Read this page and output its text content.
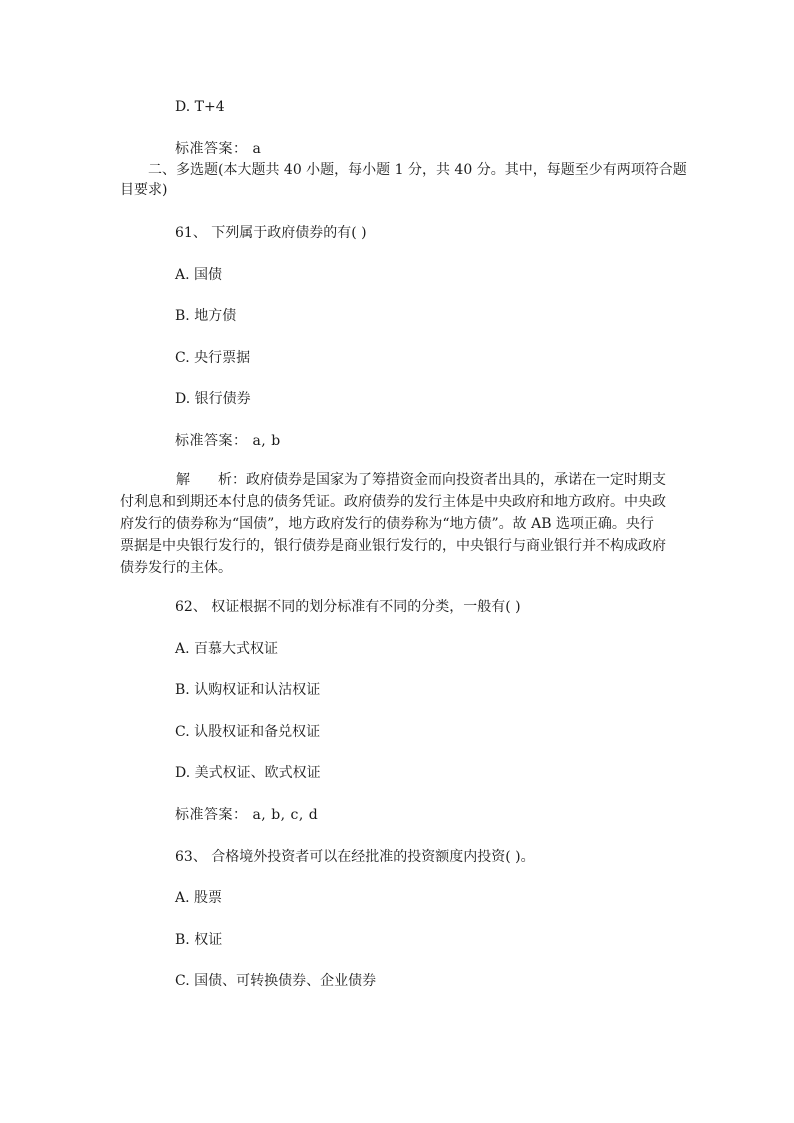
D. T+4
标准答案： a
二、多选题(本大题共 40 小题，每小题 1 分，共 40 分。其中，每题至少有两项符合题
目要求)
61、 下列属于政府债券的有( )
A. 国债
B. 地方债
C. 央行票据
D. 银行债券
标准答案： a, b
解　　析：政府债券是国家为了筹措资金而向投资者出具的，承诺在一定时期支
付利息和到期还本付息的债务凭证。政府债券的发行主体是中央政府和地方政府。中央政
府发行的债券称为“国债”，地方政府发行的债券称为“地方债”。故 AB 选项正确。央行
票据是中央银行发行的，银行债券是商业银行发行的，中央银行与商业银行并不构成政府
债券发行的主体。
62、 权证根据不同的划分标准有不同的分类，一般有( )
A. 百慕大式权证
B. 认购权证和认沽权证
C. 认股权证和备兑权证
D. 美式权证、欧式权证
标准答案： a, b, c, d
63、 合格境外投资者可以在经批准的投资额度内投资( )。
A. 股票
B. 权证
C. 国债、可转换债券、企业债券
